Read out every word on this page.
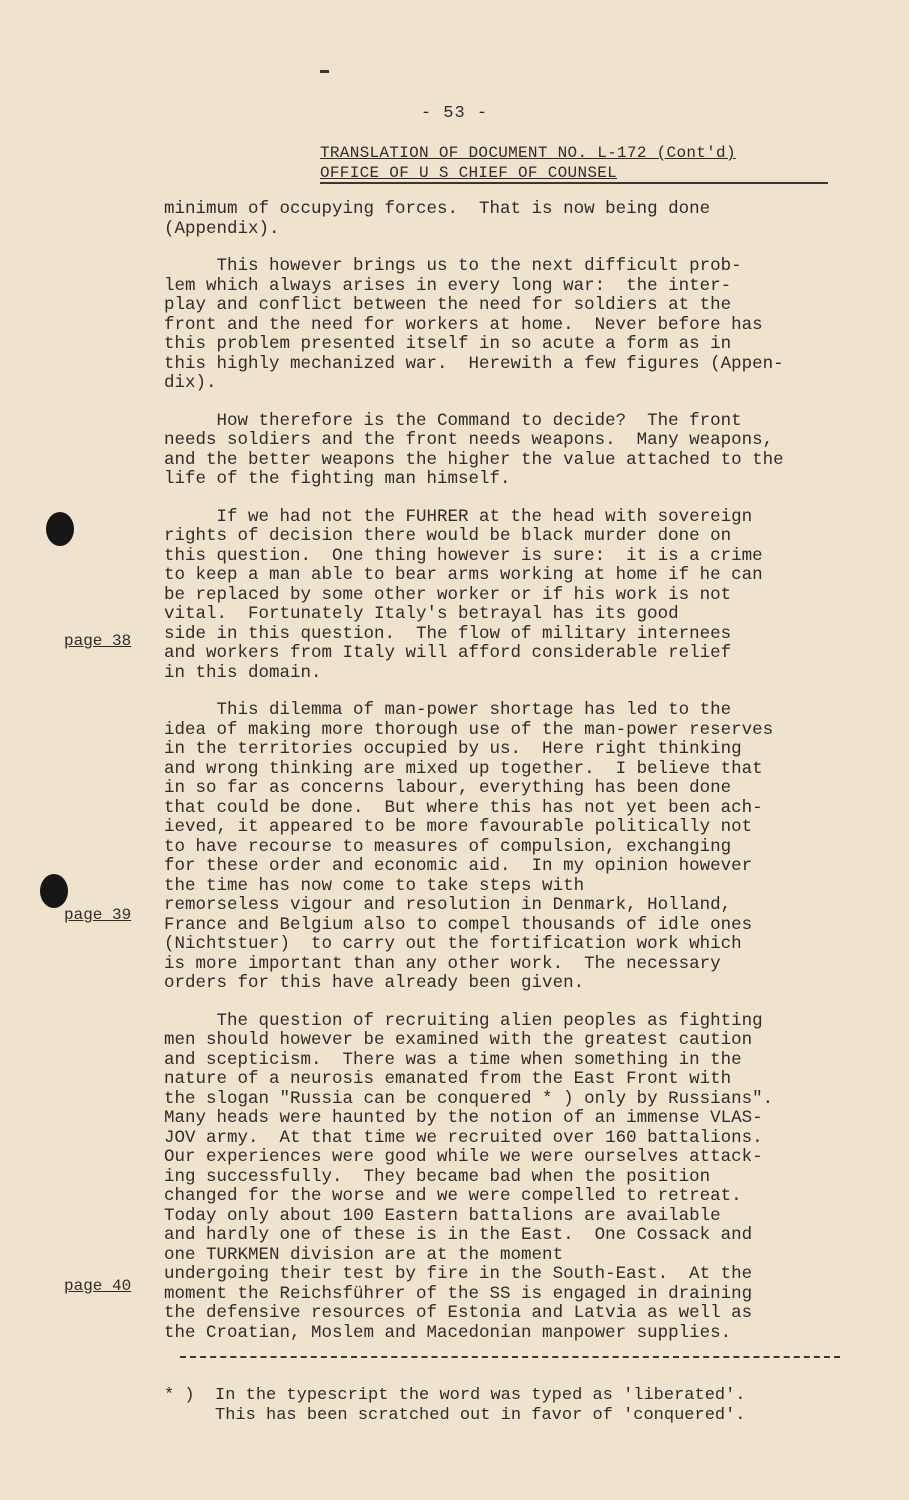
- 53 -
TRANSLATION OF DOCUMENT NO. L-172 (Cont'd)
OFFICE OF U S CHIEF OF COUNSEL

minimum of occupying forces.  That is now being done

(Appendix).

This however brings us to the next difficult prob-

lem which always arises in every long war:  the inter-

play and conflict between the need for soldiers at the

front and the need for workers at home.  Never before has

this problem presented itself in so acute a form as in

this highly mechanized war.  Herewith a few figures (Appen-

dix).

How therefore is the Command to decide?  The front

needs soldiers and the front needs weapons.  Many weapons,

and the better weapons the higher the value attached to the

life of the fighting man himself.

If we had not the FUHRER at the head with sovereign

rights of decision there would be black murder done on

this question.  One thing however is sure:  it is a crime

to keep a man able to bear arms working at home if he can

be replaced by some other worker or if his work is not

vital.  Fortunately Italy's betrayal has its good

side in this question.  The flow of military internees

and workers from Italy will afford considerable relief

in this domain.

This dilemma of man-power shortage has led to the

idea of making more thorough use of the man-power reserves

in the territories occupied by us.  Here right thinking

and wrong thinking are mixed up together.  I believe that

in so far as concerns labour, everything has been done

that could be done.  But where this has not yet been ach-

ieved, it appeared to be more favourable politically not

to have recourse to measures of compulsion, exchanging

for these order and economic aid.  In my opinion however

the time has now come to take steps with

remorseless vigour and resolution in Denmark, Holland,

France and Belgium also to compel thousands of idle ones

(Nichtstuer)  to carry out the fortification work which

is more important than any other work.  The necessary

orders for this have already been given.

The question of recruiting alien peoples as fighting

men should however be examined with the greatest caution

and scepticism.  There was a time when something in the

nature of a neurosis emanated from the East Front with

the slogan "Russia can be conquered * ) only by Russians".

Many heads were haunted by the notion of an immense VLAS-

JOV army.  At that time we recruited over 160 battalions.

Our experiences were good while we were ourselves attack-

ing successfully.  They became bad when the position

changed for the worse and we were compelled to retreat.

Today only about 100 Eastern battalions are available

and hardly one of these is in the East.  One Cossack and

one TURKMEN division are at the moment

undergoing their test by fire in the South-East.  At the

moment the Reichsführer of the SS is engaged in draining

the defensive resources of Estonia and Latvia as well as

the Croatian, Moslem and Macedonian manpower supplies.

page 38
page 39
page 40

* )  In the typescript the word was typed as 'liberated'.

This has been scratched out in favor of 'conquered'.
